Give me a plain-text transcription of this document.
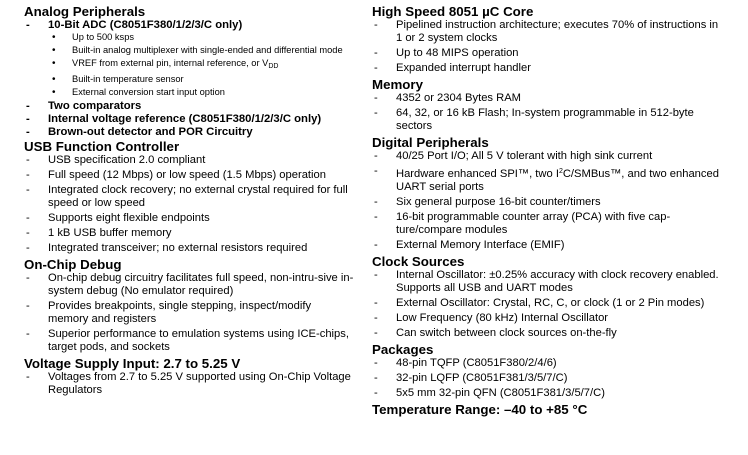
Analog Peripherals
- 10-Bit ADC (C8051F380/1/2/3/C only)
• Up to 500 ksps
• Built-in analog multiplexer with single-ended and differential mode
• VREF from external pin, internal reference, or $V_{DD}$
• Built-in temperature sensor
• External conversion start input option
- Two comparators
- Internal voltage reference (C8051F380/1/2/3/C only)
- Brown-out detector and POR Circuitry
USB Function Controller
- USB specification 2.0 compliant
- Full speed (12 Mbps) or low speed (1.5 Mbps) operation
- Integrated clock recovery; no external crystal required for full speed or low speed
- Supports eight flexible endpoints
- 1 kB USB buffer memory
- Integrated transceiver; no external resistors required
On-Chip Debug
- On-chip debug circuitry facilitates full speed, non-intru-sive in-system debug (No emulator required)
- Provides breakpoints, single stepping, inspect/modify memory and registers
- Superior performance to emulation systems using ICE-chips, target pods, and sockets
Voltage Supply Input: 2.7 to 5.25 V
- Voltages from 2.7 to 5.25 V supported using On-Chip Voltage Regulators
High Speed 8051 µC Core
- Pipelined instruction architecture; executes 70% of instructions in 1 or 2 system clocks
- Up to 48 MIPS operation
- Expanded interrupt handler
Memory
- 4352 or 2304 Bytes RAM
- 64, 32, or 16 kB Flash; In-system programmable in 512-byte sectors
Digital Peripherals
- 40/25 Port I/O; All 5 V tolerant with high sink current
- Hardware enhanced SPI™, two $I^2C/SMBus™$, and two enhanced UART serial ports
- Six general purpose 16-bit counter/timers
- 16-bit programmable counter array (PCA) with five cap-ture/compare modules
- External Memory Interface (EMIF)
Clock Sources
- Internal Oscillator: ±0.25% accuracy with clock recovery enabled. Supports all USB and UART modes
- External Oscillator: Crystal, RC, C, or clock (1 or 2 Pin modes)
- Low Frequency (80 kHz) Internal Oscillator
- Can switch between clock sources on-the-fly
Packages
- 48-pin TQFP (C8051F380/2/4/6)
- 32-pin LQFP (C8051F381/3/5/7/C)
- 5x5 mm 32-pin QFN (C8051F381/3/5/7/C)
Temperature Range: –40 to +85 °C
